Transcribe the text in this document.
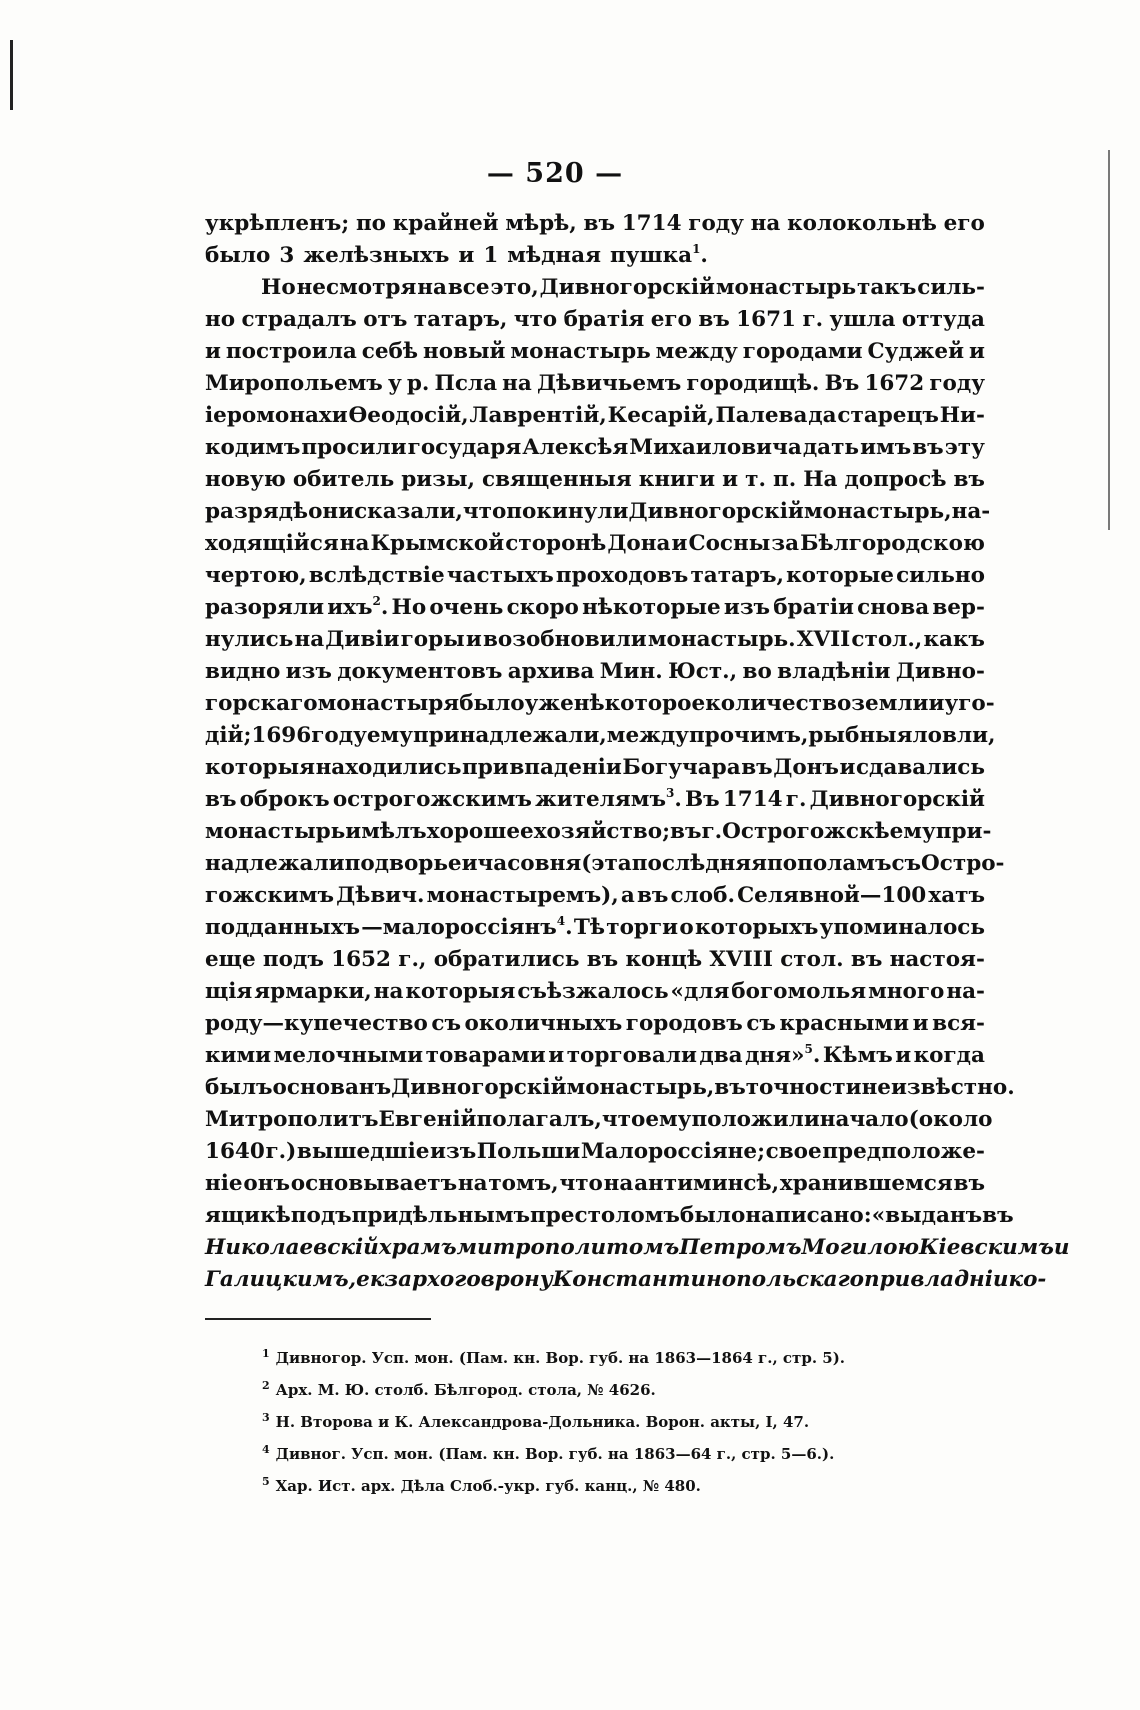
— 520 —
укрѣпленъ; по крайней мѣрѣ, въ 1714 году на колокольнѣ его
было 3 желѣзныхъ и 1 мѣдная пушка$^1$.
Но несмотря на все это, Дивногорскій монастырь такъ силь-
но страдалъ отъ татаръ, что братія его въ 1671 г. ушла оттуда
и построила себѣ новый монастырь между городами Суджей и
Миропольемъ у р. Псла на Дѣвичьемъ городищѣ. Въ 1672 году
іеромонахи Ѳеодосій, Лаврентій, Кесарій, Палева да старецъ Ни-
кодимъ просили государя Алексѣя Михаиловича дать имъ въ эту
новую обитель ризы, священныя книги и т. п. На допросѣ въ
разрядѣ они сказали, что покинули Дивногорскій монастырь, на-
ходящійся на Крымской сторонѣ Дона и Сосны за Бѣлгородскою
чертою, вслѣдствіе частыхъ проходовъ татаръ, которые сильно
разоряли ихъ$^2$. Но очень скоро нѣкоторые изъ братіи снова вер-
нулись на Дивіи горы и возобновили монастырь. XVII стол., какъ
видно изъ документовъ архива Мин. Юст., во владѣніи Дивно-
горскаго монастыря было уже нѣкоторое количество земли и уго-
дій; 1696 году ему принадлежали, между прочимъ, рыбныя ловли,
которыя находились при впаденіи Богучара въ Донъ и сдавались
въ оброкъ острогожскимъ жителямъ$^3$. Въ 1714 г. Дивногорскій
монастырь имѣлъ хорошее хозяйство; въ г. Острогожскѣ ему при-
надлежали подворье и часовня (эта послѣдняя пополамъ съ Остро-
гожскимъ Дѣвич. монастыремъ), а въ слоб. Селявной—100 хатъ
подданныхъ —малороссіянъ$^4$. Тѣ торги о которыхъ упоминалось
еще подъ 1652 г., обратились въ концѣ XVIII стол. въ настоя-
щія ярмарки, на которыя съѣзжалось «для богомолья много на-
роду—купечество съ околичныхъ городовъ съ красными и вся-
кими мелочными товарами и торговали два дня»$^5$. Кѣмъ и когда
былъ основанъ Дивногорскій монастырь, въ точности неизвѣстно.
Митрополитъ Евгеній полагалъ, что ему положили начало (около
1640 г.) вышедшіе изъ Польши Малороссіяне; свое предположе-
ніе онъ основываетъ на томъ, что на антиминсѣ, хранившемся въ
ящикѣ подъ придѣльнымъ престоломъ было написано: «выданъ въ
Николаевскій храмъ митрополитомъ Петромъ Могилою Кіевскимъ и
Галицкимъ, екзархоговрону Константинопольскаго при владніи ко-
$^1$ Дивногор. Усп. мон. (Пам. кн. Вор. губ. на 1863—1864 г., стр. 5).
$^2$ Арх. М. Ю. столб. Бѣлгород. стола, № 4626.
$^3$ Н. Второва и К. Александрова-Дольника. Ворон. акты, I, 47.
$^4$ Дивног. Усп. мон. (Пам. кн. Вор. губ. на 1863—64 г., стр. 5—6.).
$^5$ Хар. Ист. арх. Дѣла Слоб.-укр. губ. канц., № 480.
